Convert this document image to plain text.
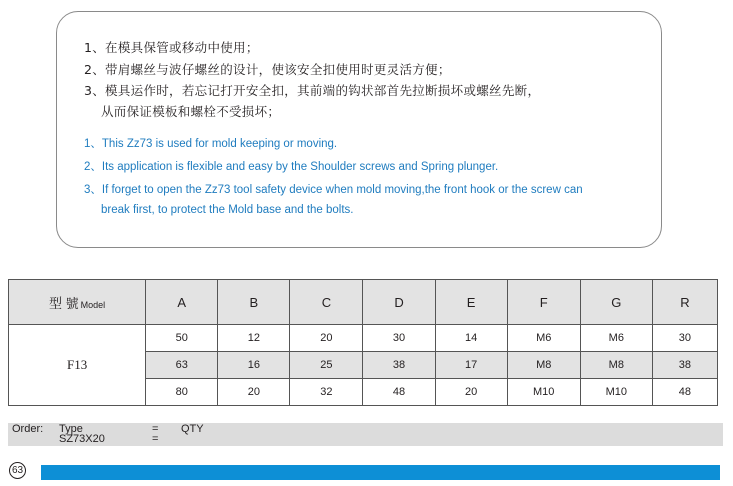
1、在模具保管或移动中使用；
2、带肩螺丝与波仔螺丝的设计，使该安全扣使用时更灵活方便；
3、模具运作时，若忘记打开安全扣，其前端的钩状部首先拉断损坏或螺丝先断，
从而保证模板和螺栓不受损坏；
1、This Zz73 is used for mold keeping or moving.
2、Its application is flexible and easy by the Shoulder screws and Spring plunger.
3、If forget to open the Zz73 tool safety device when mold moving,the front hook or the screw can
break first, to protect the Mold base and the bolts.
型 號 Model	A	B	C	D	E	F	G	R
F13	50	12	20	30	14	M6	M6	30
	63	16	25	38	17	M8	M8	38
	80	20	32	48	20	M10	M10	48
Order: Type	= QTY
SZ73X20	=
63
